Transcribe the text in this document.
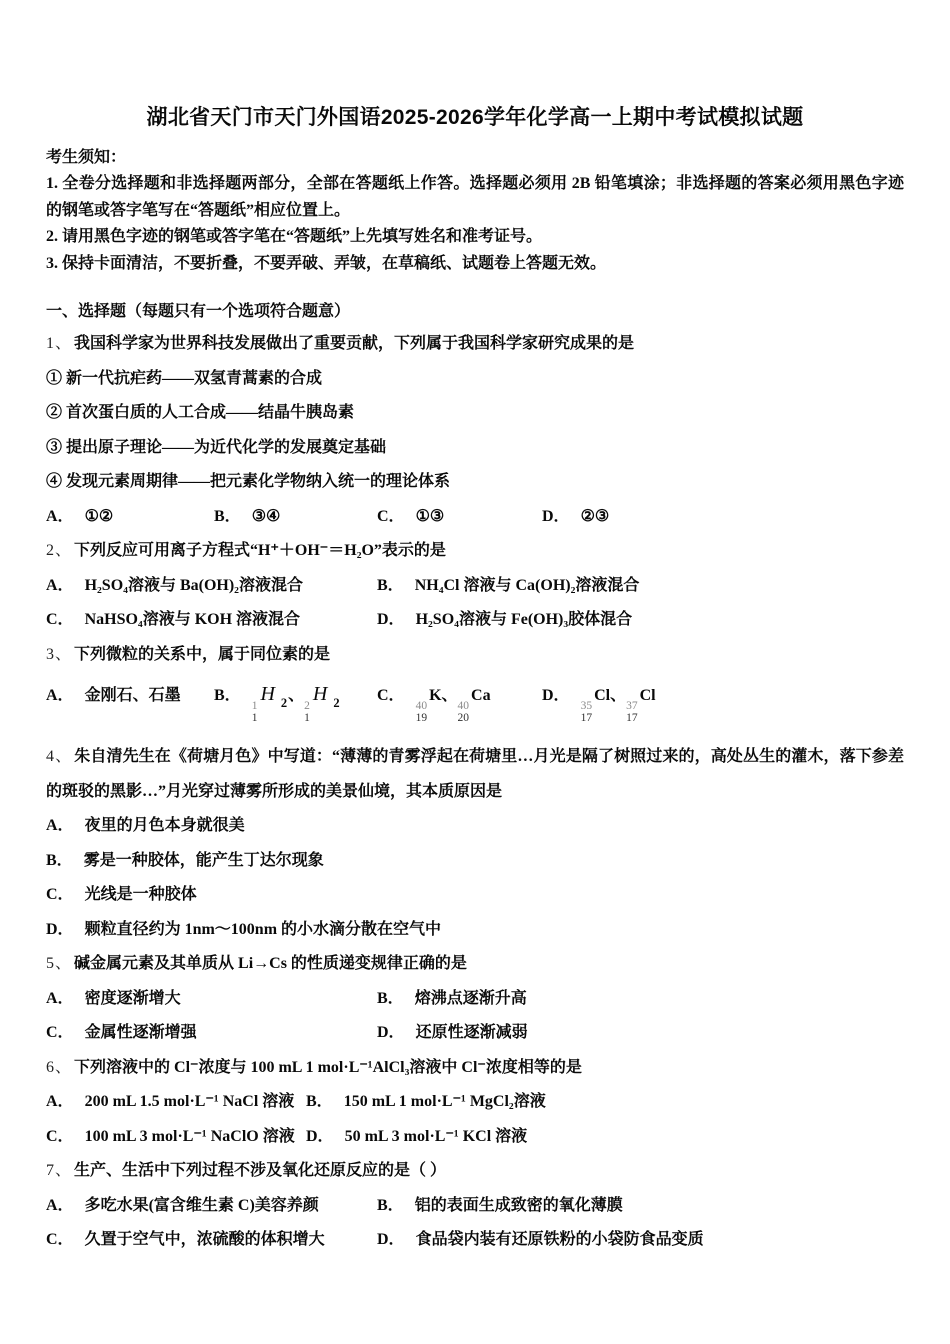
湖北省天门市天门外国语2025-2026学年化学高一上期中考试模拟试题
考生须知：
1. 全卷分选择题和非选择题两部分，全部在答题纸上作答。选择题必须用 2B 铅笔填涂；非选择题的答案必须用黑色字迹的钢笔或答字笔写在“答题纸”相应位置上。
2. 请用黑色字迹的钢笔或答字笔在“答题纸”上先填写姓名和准考证号。
3. 保持卡面清洁，不要折叠，不要弄破、弄皱，在草稿纸、试题卷上答题无效。
一、选择题（每题只有一个选项符合题意）
1、 我国科学家为世界科技发展做出了重要贡献，下列属于我国科学家研究成果的是
① 新一代抗疟药——双氢青蒿素的合成
② 首次蛋白质的人工合成——结晶牛胰岛素
③ 提出原子理论——为近代化学的发展奠定基础
④ 发现元素周期律——把元素化学物纳入统一的理论体系
A． ①②	B． ③④	C． ①③	D． ②③
2、 下列反应可用离子方程式“H⁺＋OH⁻＝H₂O”表示的是
A． H₂SO₄溶液与 Ba(OH)₂溶液混合	B． NH₄Cl 溶液与 Ca(OH)₂溶液混合
C． NaHSO₄溶液与 KOH 溶液混合	D． H₂SO₄溶液与 Fe(OH)₃胶体混合
3、 下列微粒的关系中，属于同位素的是
A． 金刚石、石墨 B．
1
1
H $_2$、
2
1
H $_2$ C．
40
19
K、
40
20
Ca	D．
35
17
Cl、
37
17
Cl
4、 朱自清先生在《荷塘月色》中写道：“薄薄的青雾浮起在荷塘里…月光是隔了树照过来的，高处丛生的灌木，落下参差的斑驳的黑影…”月光穿过薄雾所形成的美景仙境，其本质原因是
A． 夜里的月色本身就很美
B． 雾是一种胶体，能产生丁达尔现象
C． 光线是一种胶体
D． 颗粒直径约为 1nm～100nm 的小水滴分散在空气中
5、 碱金属元素及其单质从 Li→Cs 的性质递变规律正确的是
A． 密度逐渐增大	B． 熔沸点逐渐升高
C． 金属性逐渐增强	D． 还原性逐渐减弱
6、 下列溶液中的 Cl⁻浓度与 100 mL 1 mol·L⁻¹AlCl₃溶液中 Cl⁻浓度相等的是
A． 200 mL 1.5 mol·L⁻¹ NaCl 溶液 B． 150 mL 1 mol·L⁻¹ MgCl₂溶液
C． 100 mL 3 mol·L⁻¹ NaClO 溶液 D． 50 mL 3 mol·L⁻¹ KCl 溶液
7、 生产、生活中下列过程不涉及氧化还原反应的是（ ）
A． 多吃水果(富含维生素 C)美容养颜	B． 铝的表面生成致密的氧化薄膜
C． 久置于空气中，浓硫酸的体积增大	D． 食品袋内装有还原铁粉的小袋防食品变质
